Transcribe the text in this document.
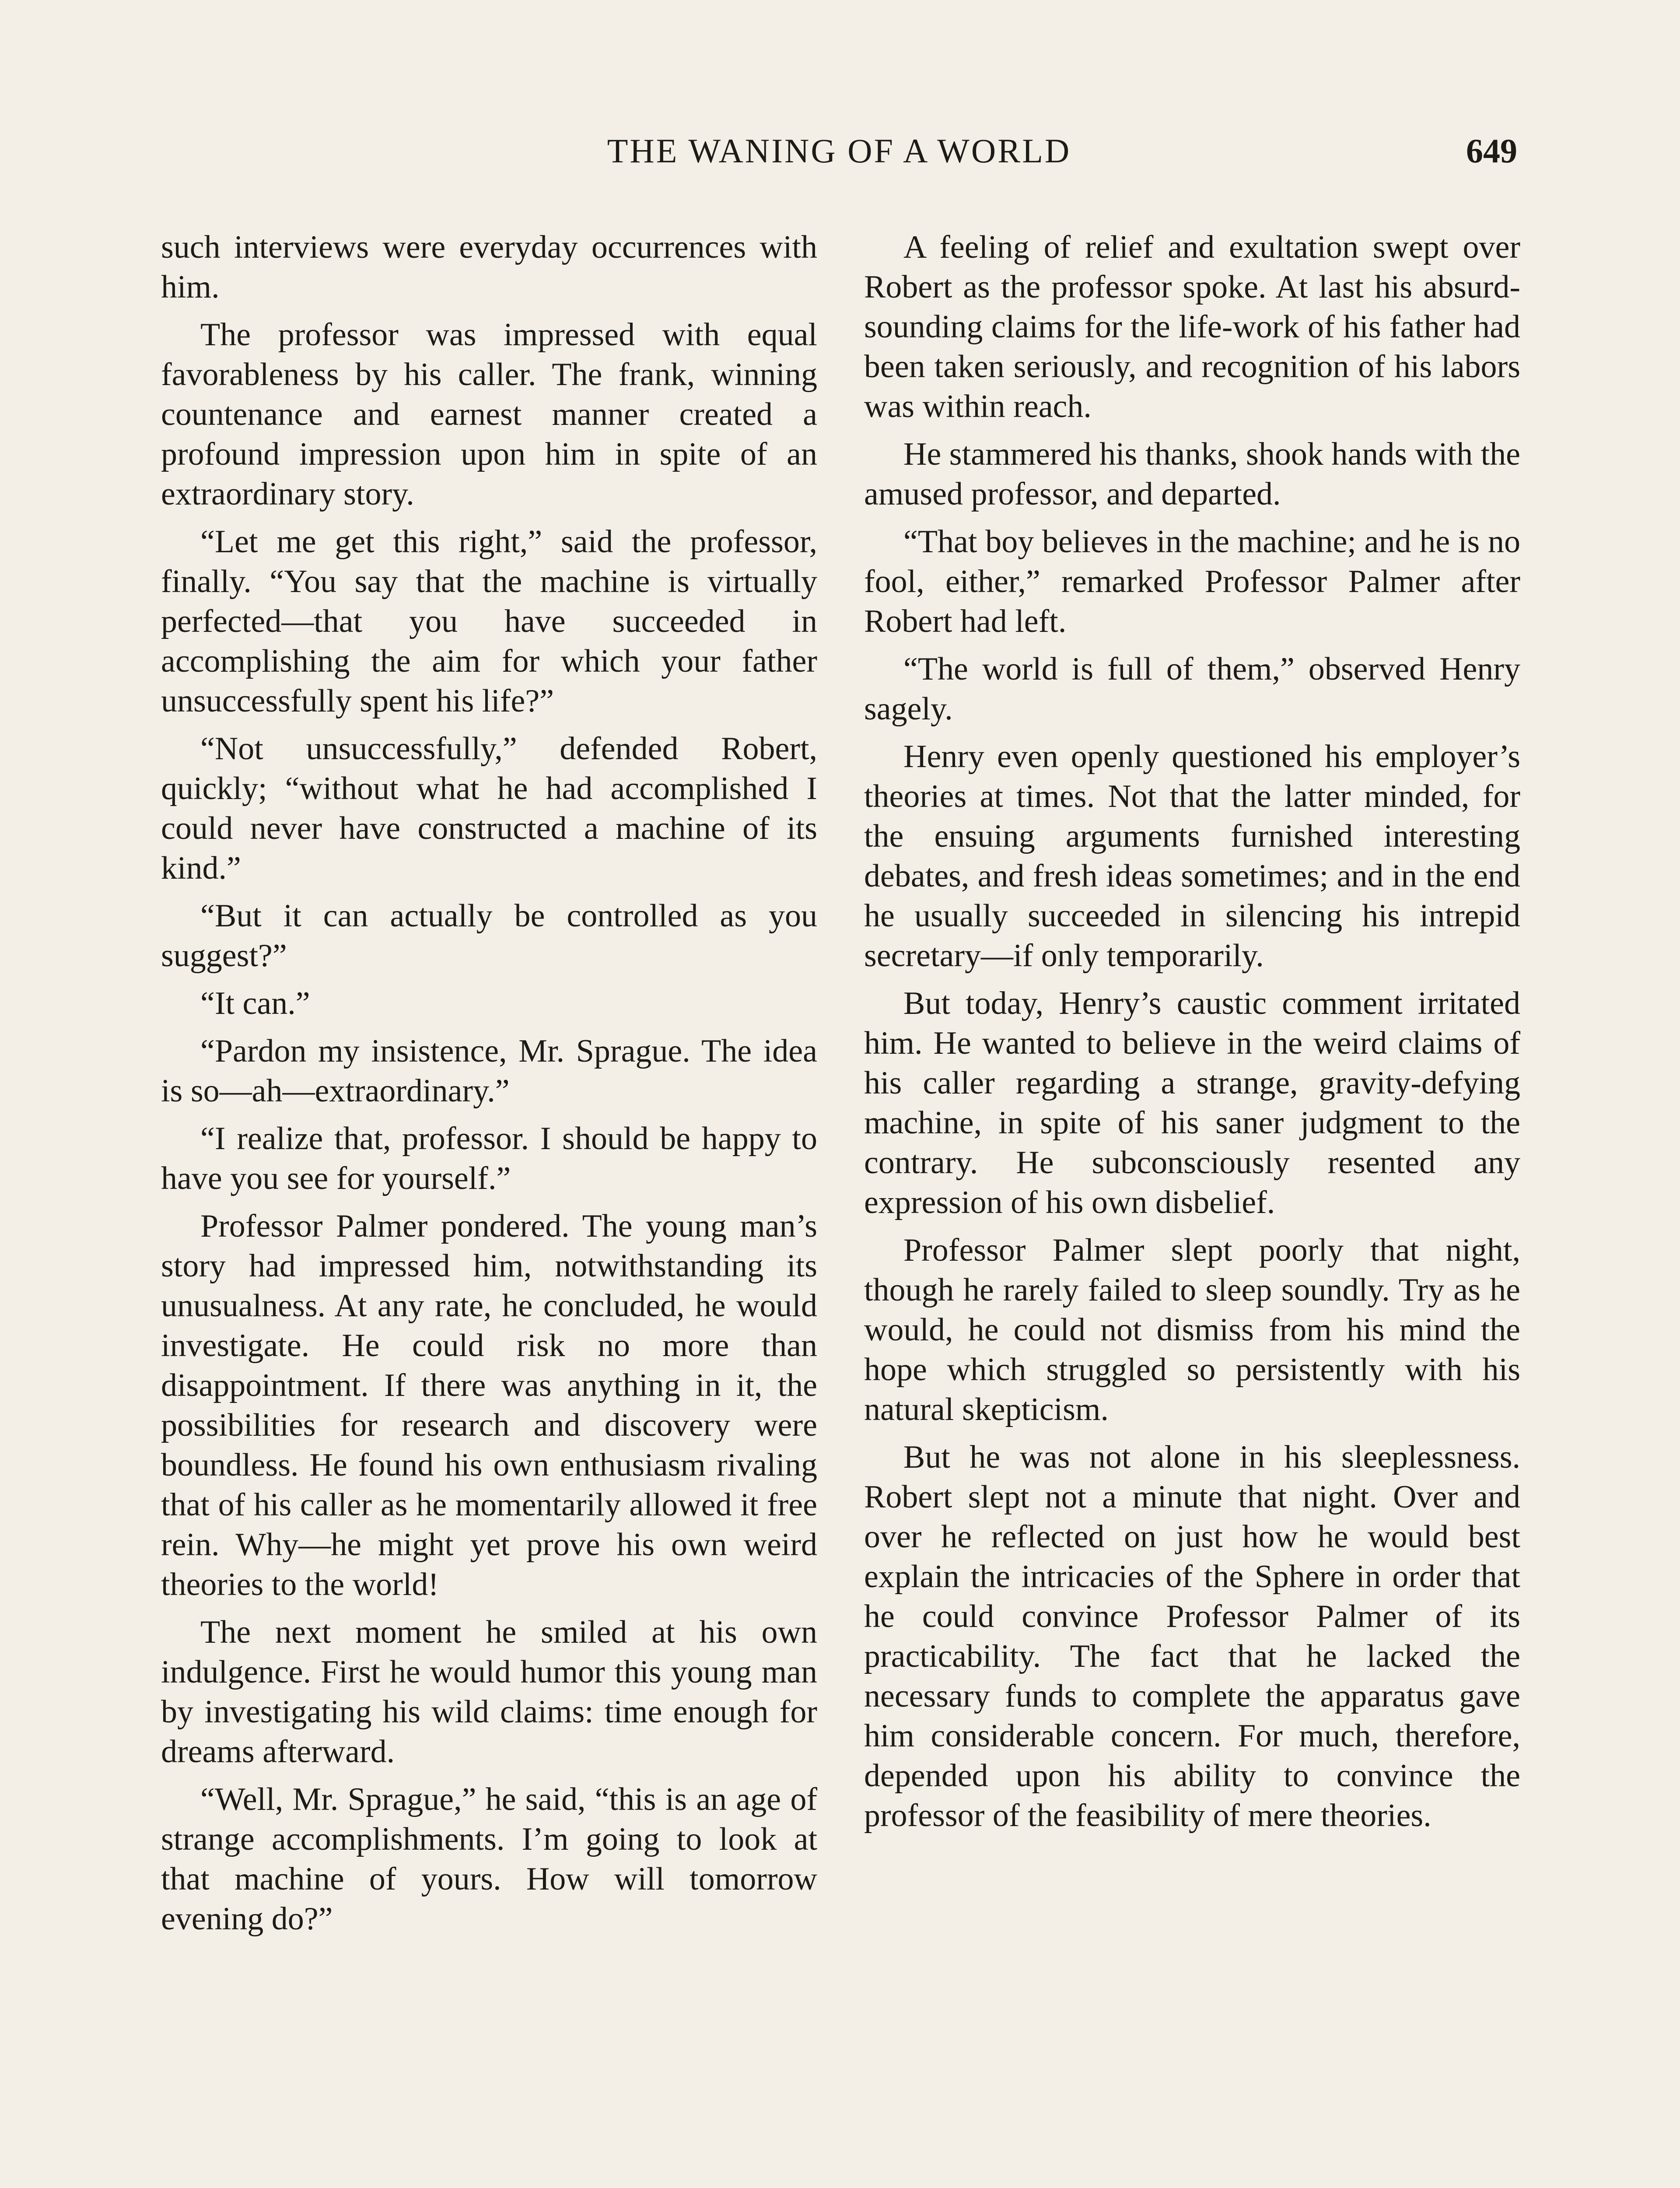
THE WANING OF A WORLD	649

such interviews were everyday occurrences with him.

The professor was impressed with equal favorableness by his caller. The frank, winning countenance and earnest manner created a profound impression upon him in spite of an extraordinary story.

“Let me get this right,” said the professor, finally. “You say that the machine is virtually perfected—that you have succeeded in accomplishing the aim for which your father unsuccessfully spent his life?”

“Not unsuccessfully,” defended Robert, quickly; “without what he had accomplished I could never have constructed a machine of its kind.”

“But it can actually be controlled as you suggest?”

“It can.”

“Pardon my insistence, Mr. Sprague. The idea is so—ah—extraordinary.”

“I realize that, professor. I should be happy to have you see for yourself.”

Professor Palmer pondered. The young man’s story had impressed him, notwithstanding its unusualness. At any rate, he concluded, he would investigate. He could risk no more than disappointment. If there was anything in it, the possibilities for research and discovery were boundless. He found his own enthusiasm rivaling that of his caller as he momentarily allowed it free rein. Why—he might yet prove his own weird theories to the world!

The next moment he smiled at his own indulgence. First he would humor this young man by investigating his wild claims: time enough for dreams afterward.

“Well, Mr. Sprague,” he said, “this is an age of strange accomplishments. I’m going to look at that machine of yours. How will tomorrow evening do?”

A feeling of relief and exultation swept over Robert as the professor spoke. At last his absurd-sounding claims for the life-work of his father had been taken seriously, and recognition of his labors was within reach.

He stammered his thanks, shook hands with the amused professor, and departed.

“That boy believes in the machine; and he is no fool, either,” remarked Professor Palmer after Robert had left.

“The world is full of them,” observed Henry sagely.

Henry even openly questioned his employer’s theories at times. Not that the latter minded, for the ensuing arguments furnished interesting debates, and fresh ideas sometimes; and in the end he usually succeeded in silencing his intrepid secretary—if only temporarily.

But today, Henry’s caustic comment irritated him. He wanted to believe in the weird claims of his caller regarding a strange, gravity-defying machine, in spite of his saner judgment to the contrary. He subconsciously resented any expression of his own disbelief.

Professor Palmer slept poorly that night, though he rarely failed to sleep soundly. Try as he would, he could not dismiss from his mind the hope which struggled so persistently with his natural skepticism.

But he was not alone in his sleeplessness. Robert slept not a minute that night. Over and over he reflected on just how he would best explain the intricacies of the Sphere in order that he could convince Professor Palmer of its practicability. The fact that he lacked the necessary funds to complete the apparatus gave him considerable concern. For much, therefore, depended upon his ability to convince the professor of the feasibility of mere theories.
